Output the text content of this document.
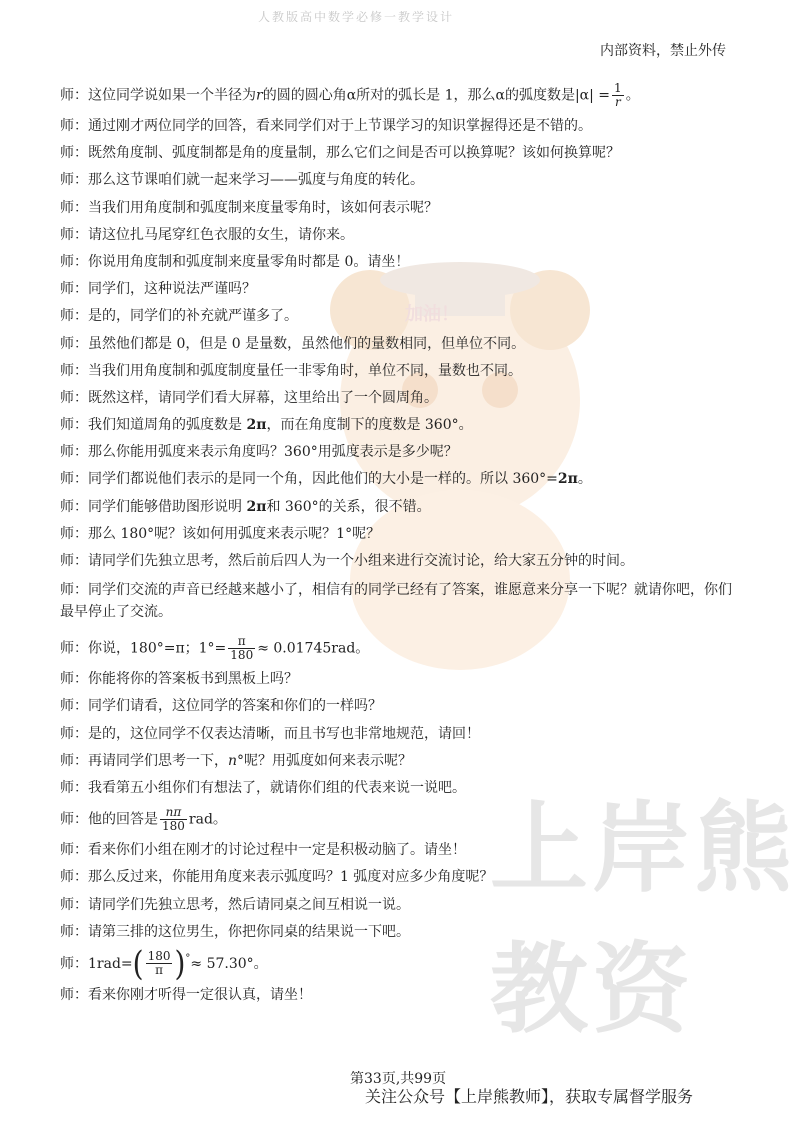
加油！
上岸熊教资
人教版高中数学必修一教学设计
内部资料，禁止外传
师：这位同学说如果一个半径为r的圆的圆心角α所对的弧长是 1，那么α的弧度数是$|\alpha| = \frac{1}{r}$ 。
师：通过刚才两位同学的回答，看来同学们对于上节课学习的知识掌握得还是不错的。
师：既然角度制、弧度制都是角的度量制，那么它们之间是否可以换算呢？该如何换算呢？
师：那么这节课咱们就一起来学习——弧度与角度的转化。
师：当我们用角度制和弧度制来度量零角时，该如何表示呢？
师：请这位扎马尾穿红色衣服的女生，请你来。
师：你说用角度制和弧度制来度量零角时都是 0。请坐！
师：同学们，这种说法严谨吗？
师：是的，同学们的补充就严谨多了。
师：虽然他们都是 0，但是 0 是量数，虽然他们的量数相同，但单位不同。
师：当我们用角度制和弧度制度量任一非零角时，单位不同，量数也不同。
师：既然这样，请同学们看大屏幕，这里给出了一个圆周角。
师：我们知道周角的弧度数是 2π，而在角度制下的度数是 360°。
师：那么你能用弧度来表示角度吗？360°用弧度表示是多少呢？
师：同学们都说他们表示的是同一个角，因此他们的大小是一样的。所以 360°=2π。
师：同学们能够借助图形说明 2π和 360°的关系，很不错。
师：那么 180°呢？该如何用弧度来表示呢？1°呢？
师：请同学们先独立思考，然后前后四人为一个小组来进行交流讨论，给大家五分钟的时间。
师：同学们交流的声音已经越来越小了，相信有的同学已经有了答案，谁愿意来分享一下呢？就请你吧，你们最早停止了交流。
师：你说，180°=π；$1^\circ= \frac{\pi}{180} \approx 0.01745rad$。
师：你能将你的答案板书到黑板上吗？
师：同学们请看，这位同学的答案和你们的一样吗？
师：是的，这位同学不仅表达清晰，而且书写也非常地规范，请回！
师：再请同学们思考一下，n°呢？用弧度如何来表示呢？
师：我看第五小组你们有想法了，就请你们组的代表来说一说吧。
师：他的回答是 $\frac{n\pi}{180}$ rad。
师：看来你们小组在刚才的讨论过程中一定是积极动脑了。请坐！
师：那么反过来，你能用角度来表示弧度吗？1 弧度对应多少角度呢？
师：请同学们先独立思考，然后请同桌之间互相说一说。
师：请第三排的这位男生，你把你同桌的结果说一下吧。
师：$1rad=( \frac{180}{\pi} )^\circ\approx 57.30^\circ$。
师：看来你刚才听得一定很认真，请坐！
第33页,共99页
关注公众号【上岸熊教师】，获取专属督学服务
